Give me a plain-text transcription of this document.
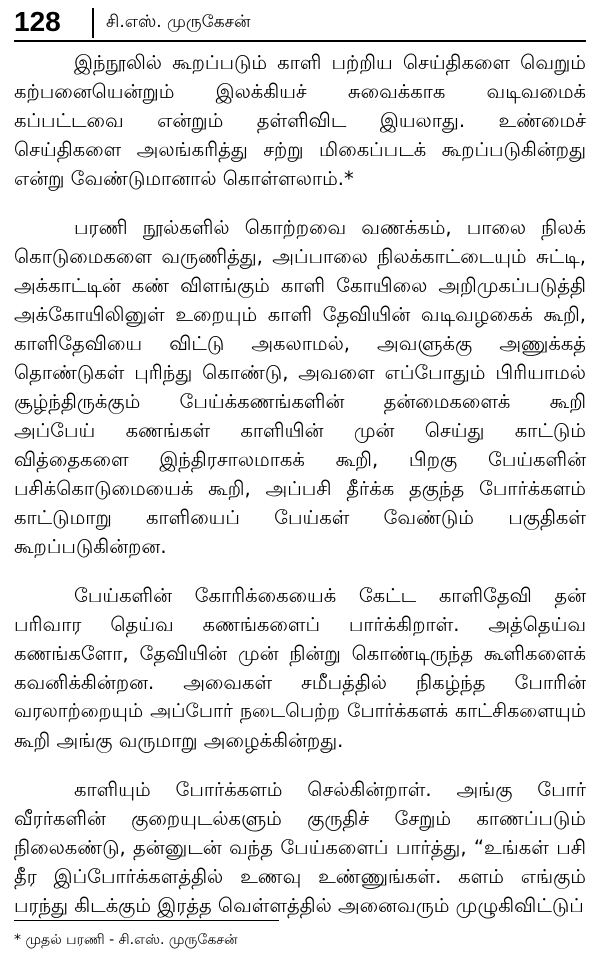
128	சி.எஸ். முருகேசன்
இந்நூலில் கூறப்படும் காளி பற்றிய செய்திகளை வெறும்
கற்பனையென்றும் இலக்கியச் சுவைக்காக வடிவமைக்
கப்பட்டவை என்றும் தள்ளிவிட இயலாது. உண்மைச்
செய்திகளை அலங்கரித்து சற்று மிகைப்படக் கூறப்படுகின்றது
என்று வேண்டுமானால் கொள்ளலாம்.*
பரணி நூல்களில் கொற்றவை வணக்கம், பாலை நிலக்
கொடுமைகளை வருணித்து, அப்பாலை நிலக்காட்டையும் சுட்டி,
அக்காட்டின் கண் விளங்கும் காளி கோயிலை அறிமுகப்படுத்தி
அக்கோயிலினுள் உறையும் காளி தேவியின் வடிவழகைக் கூறி,
காளிதேவியை விட்டு அகலாமல், அவளுக்கு அணுக்கத்
தொண்டுகள் புரிந்து கொண்டு, அவளை எப்போதும் பிரியாமல்
சூழ்ந்திருக்கும் பேய்க்கணங்களின் தன்மைகளைக் கூறி
அப்பேய் கணங்கள் காளியின் முன் செய்து காட்டும்
வித்தைகளை இந்திரசாலமாகக் கூறி, பிறகு பேய்களின்
பசிக்கொடுமையைக் கூறி, அப்பசி தீர்க்க தகுந்த போர்க்களம்
காட்டுமாறு காளியைப் பேய்கள் வேண்டும் பகுதிகள்
கூறப்படுகின்றன.
பேய்களின் கோரிக்கையைக் கேட்ட காளிதேவி தன்
பரிவார தெய்வ கணங்களைப் பார்க்கிறாள். அத்தெய்வ
கணங்களோ, தேவியின் முன் நின்று கொண்டிருந்த கூளிகளைக்
கவனிக்கின்றன. அவைகள் சமீபத்தில் நிகழ்ந்த போரின்
வரலாற்றையும் அப்போர் நடைபெற்ற போர்க்களக் காட்சிகளையும்
கூறி அங்கு வருமாறு அழைக்கின்றது.
காளியும் போர்க்களம் செல்கின்றாள். அங்கு போர்
வீரர்களின் குறையுடல்களும் குருதிச் சேறும் காணப்படும்
நிலைகண்டு, தன்னுடன் வந்த பேய்களைப் பார்த்து, “உங்கள் பசி
தீர இப்போர்க்களத்தில் உணவு உண்ணுங்கள். களம் எங்கும்
பரந்து கிடக்கும் இரத்த வெள்ளத்தில் அனைவரும் முழுகிவிட்டுப்
* முதல் பரணி - சி.எஸ். முருகேசன்
